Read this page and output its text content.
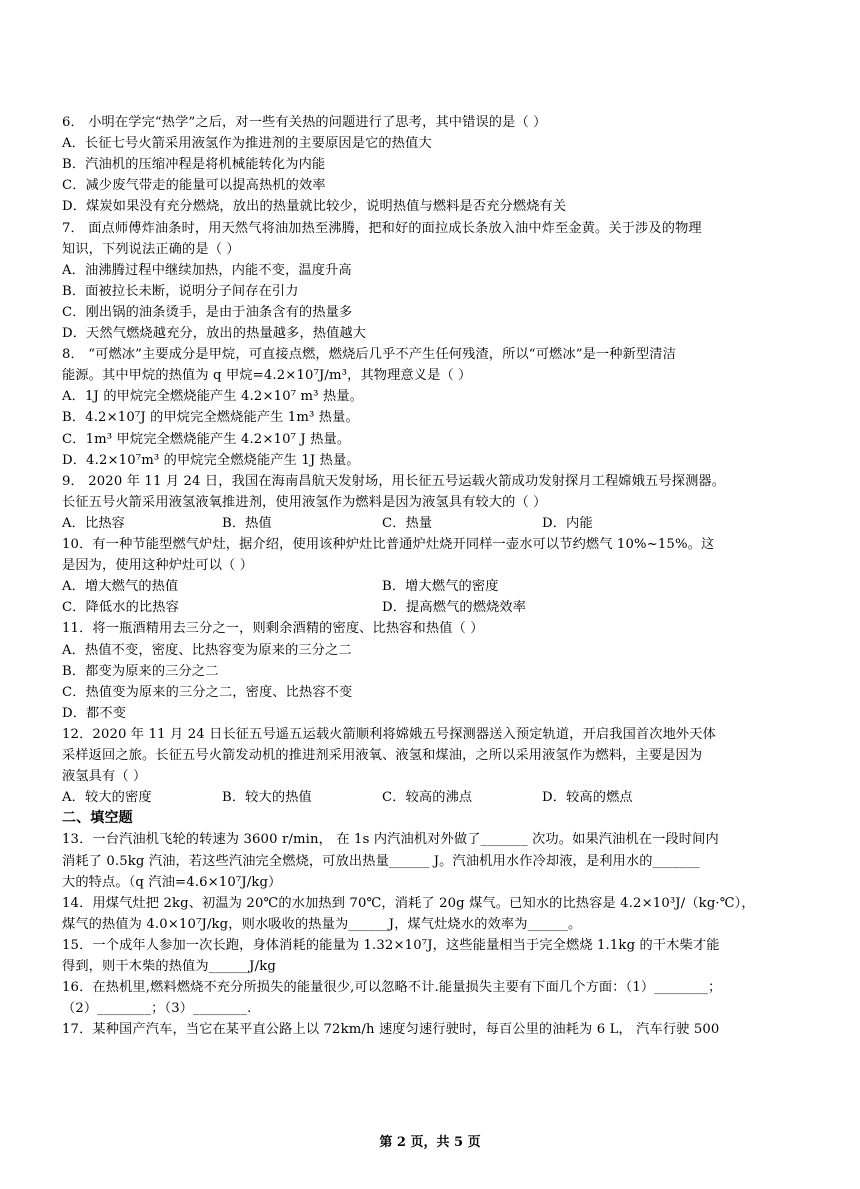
6． 小明在学完“热学”之后，对一些有关热的问题进行了思考，其中错误的是（ ）
A．长征七号火箭采用液氢作为推进剂的主要原因是它的热值大
B．汽油机的压缩冲程是将机械能转化为内能
C．减少废气带走的能量可以提高热机的效率
D．煤炭如果没有充分燃烧，放出的热量就比较少，说明热值与燃料是否充分燃烧有关
7． 面点师傅炸油条时，用天然气将油加热至沸腾，把和好的面拉成长条放入油中炸至金黄。关于涉及的物理
知识，下列说法正确的是（ ）
A．油沸腾过程中继续加热，内能不变，温度升高
B．面被拉长未断，说明分子间存在引力
C．刚出锅的油条烫手，是由于油条含有的热量多
D．天然气燃烧越充分，放出的热量越多，热值越大
8． “可燃冰”主要成分是甲烷，可直接点燃，燃烧后几乎不产生任何残渣，所以“可燃冰”是一种新型清洁
能源。其中甲烷的热值为 q 甲烷=4.2×10⁷J/m³，其物理意义是（ ）
A．1J 的甲烷完全燃烧能产生 4.2×10⁷ m³ 热量。
B．4.2×10⁷J 的甲烷完全燃烧能产生 1m³ 热量。
C．1m³ 甲烷完全燃烧能产生 4.2×10⁷ J 热量。
D．4.2×10⁷m³ 的甲烷完全燃烧能产生 1J 热量。
9． 2020 年 11 月 24 日，我国在海南昌航天发射场，用长征五号运载火箭成功发射探月工程嫦娥五号探测器。
长征五号火箭采用液氢液氧推进剂，使用液氢作为燃料是因为液氢具有较大的（ ）
A．比热容	B．热值	C．热量	D．内能
10．有一种节能型燃气炉灶，据介绍，使用该种炉灶比普通炉灶烧开同样一壶水可以节约燃气 10%~15%。这
是因为，使用这种炉灶可以（ ）
A．增大燃气的热值	B．增大燃气的密度
C．降低水的比热容	D．提高燃气的燃烧效率
11．将一瓶酒精用去三分之一，则剩余酒精的密度、比热容和热值（ ）
A．热值不变，密度、比热容变为原来的三分之二
B．都变为原来的三分之二
C．热值变为原来的三分之二，密度、比热容不变
D．都不变
12．2020 年 11 月 24 日长征五号遥五运载火箭顺利将嫦娥五号探测器送入预定轨道，开启我国首次地外天体
采样返回之旅。长征五号火箭发动机的推进剂采用液氧、液氢和煤油，之所以采用液氢作为燃料，主要是因为
液氢具有（ ）
A．较大的密度	B．较大的热值	C．较高的沸点	D．较高的燃点
二、填空题
13．一台汽油机飞轮的转速为 3600 r/min， 在 1s 内汽油机对外做了_______ 次功。如果汽油机在一段时间内
消耗了 0.5kg 汽油，若这些汽油完全燃烧，可放出热量______ J。汽油机用水作冷却液，是利用水的_______
大的特点。（q 汽油=4.6×10⁷J/kg）
14．用煤气灶把 2kg、初温为 20℃的水加热到 70℃，消耗了 20g 煤气。已知水的比热容是 4.2×10³J/（kg·℃），
煤气的热值为 4.0×10⁷J/kg，则水吸收的热量为______J，煤气灶烧水的效率为______。
15．一个成年人参加一次长跑，身体消耗的能量为 1.32×10⁷J，这些能量相当于完全燃烧 1.1kg 的干木柴才能
得到，则干木柴的热值为______J/kg
16．在热机里,燃料燃烧不充分所损失的能量很少,可以忽略不计.能量损失主要有下面几个方面：（1）________；
（2）________；（3）________.
17．某种国产汽车，当它在某平直公路上以 72km/h 速度匀速行驶时，每百公里的油耗为 6 L， 汽车行驶 500
第 2 页，共 5 页
